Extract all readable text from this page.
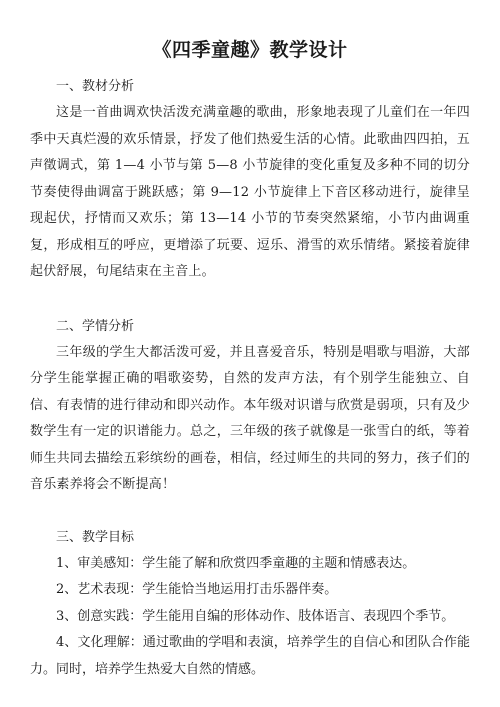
《四季童趣》教学设计

一、教材分析

这是一首曲调欢快活泼充满童趣的歌曲，形象地表现了儿童们在一年四季中天真烂漫的欢乐情景，抒发了他们热爱生活的心情。此歌曲四四拍，五声徵调式，第 1—4 小节与第 5—8 小节旋律的变化重复及多种不同的切分节奏使得曲调富于跳跃感；第 9—12 小节旋律上下音区移动进行，旋律呈现起伏，抒情而又欢乐；第 13—14 小节的节奏突然紧缩，小节内曲调重复，形成相互的呼应，更增添了玩要、逗乐、滑雪的欢乐情绪。紧接着旋律起伏舒展，句尾结束在主音上。

二、学情分析

三年级的学生大都活泼可爱，并且喜爱音乐，特别是唱歌与唱游，大部分学生能掌握正确的唱歌姿势，自然的发声方法，有个别学生能独立、自信、有表情的进行律动和即兴动作。本年级对识谱与欣赏是弱项，只有及少数学生有一定的识谱能力。总之，三年级的孩子就像是一张雪白的纸，等着师生共同去描绘五彩缤纷的画卷，相信，经过师生的共同的努力，孩子们的音乐素养将会不断提高！

三、教学目标

1、审美感知：学生能了解和欣赏四季童趣的主题和情感表达。

2、艺术表现：学生能恰当地运用打击乐器伴奏。

3、创意实践：学生能用自编的形体动作、肢体语言、表现四个季节。

4、文化理解：通过歌曲的学唱和表演，培养学生的自信心和团队合作能力。同时，培养学生热爱大自然的情感。
